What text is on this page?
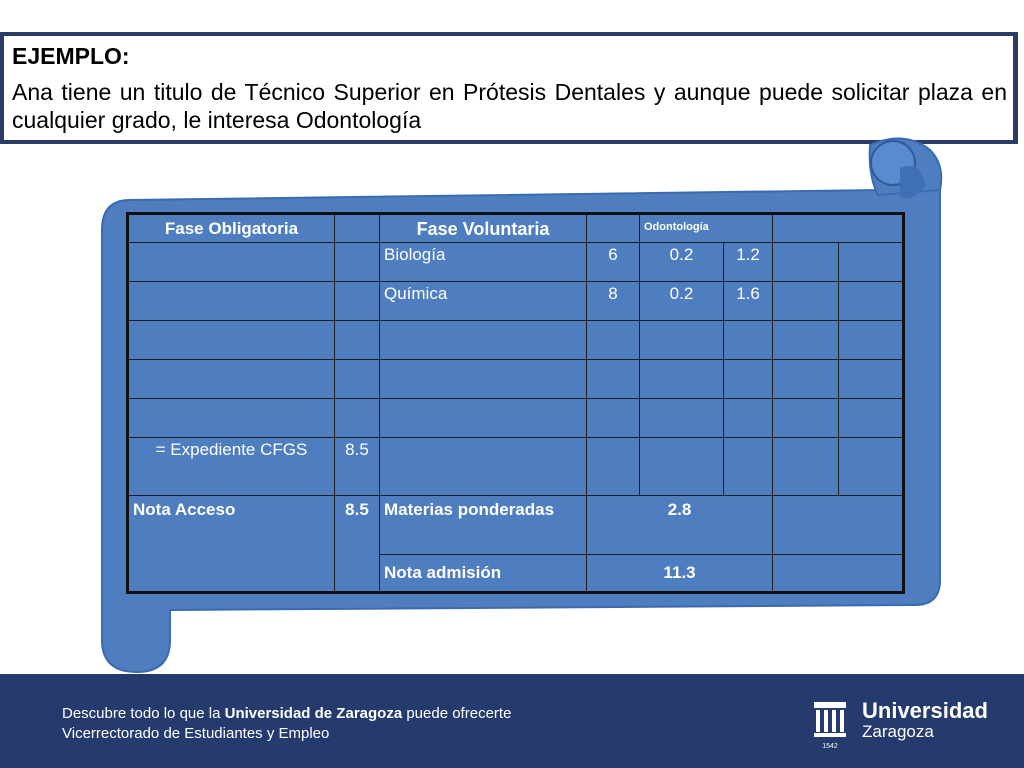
EJEMPLO:
Ana tiene un titulo de Técnico Superior en Prótesis Dentales y aunque puede solicitar plaza en cualquier grado, le interesa Odontología
Fase Obligatoria		Fase Voluntaria		Odontología			
		Biología	6	0.2	1.2		
		Química	8	0.2	1.6		

= Expediente CFGS	8.5						
Nota Acceso	8.5	Materias ponderadas	2.8				
		Nota admisión	11.3				
Descubre todo lo que la Universidad de Zaragoza puede ofrecerte
Vicerrectorado de Estudiantes y Empleo
1542
Universidad
Zaragoza
